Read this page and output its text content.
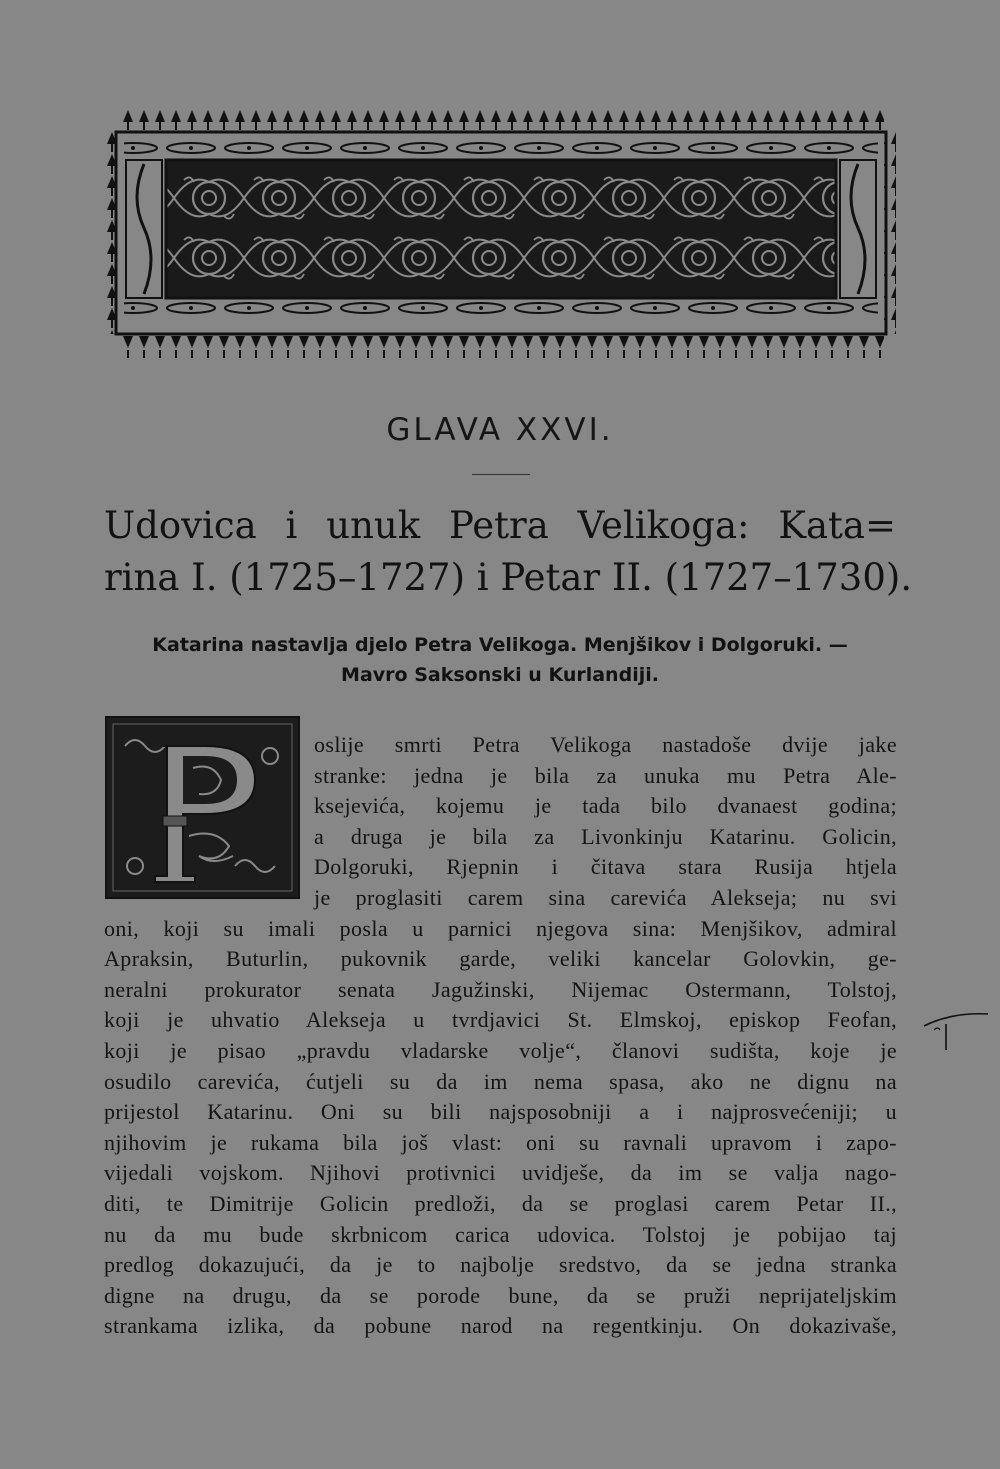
GLAVA XXVI.
Udovica i unuk Petra Velikoga: Kata=
rina I. (1725–1727) i Petar II. (1727–1730).
Katarina nastavlja djelo Petra Velikoga. Menjšikov i Dolgoruki. —
Mavro Saksonski u Kurlandiji.
oslije smrti Petra Velikoga nastadoše dvije jake
stranke: jedna je bila za unuka mu Petra Ale-
ksejevića, kojemu je tada bilo dvanaest godina;
a druga je bila za Livonkinju Katarinu. Golicin,
Dolgoruki, Rjepnin i čitava stara Rusija htjela
je proglasiti carem sina carevića Alekseja; nu svi
oni, koji su imali posla u parnici njegova sina: Menjšikov, admiral
Apraksin, Buturlin, pukovnik garde, veliki kancelar Golovkin, ge-
neralni prokurator senata Jagužinski, Nijemac Ostermann, Tolstoj,
koji je uhvatio Alekseja u tvrdjavici St. Elmskoj, episkop Feofan,
koji je pisao „pravdu vladarske volje“, članovi sudišta, koje je
osudilo carevića, ćutjeli su da im nema spasa, ako ne dignu na
prijestol Katarinu. Oni su bili najsposobniji a i najprosvećeniji; u
njihovim je rukama bila još vlast: oni su ravnali upravom i zapo-
vijedali vojskom. Njihovi protivnici uvidješe, da im se valja nago-
diti, te Dimitrije Golicin predloži, da se proglasi carem Petar II.,
nu da mu bude skrbnicom carica udovica. Tolstoj je pobijao taj
predlog dokazujući, da je to najbolje sredstvo, da se jedna stranka
digne na drugu, da se porode bune, da se pruži neprijateljskim
strankama izlika, da pobune narod na regentkinju. On dokazivaše,
